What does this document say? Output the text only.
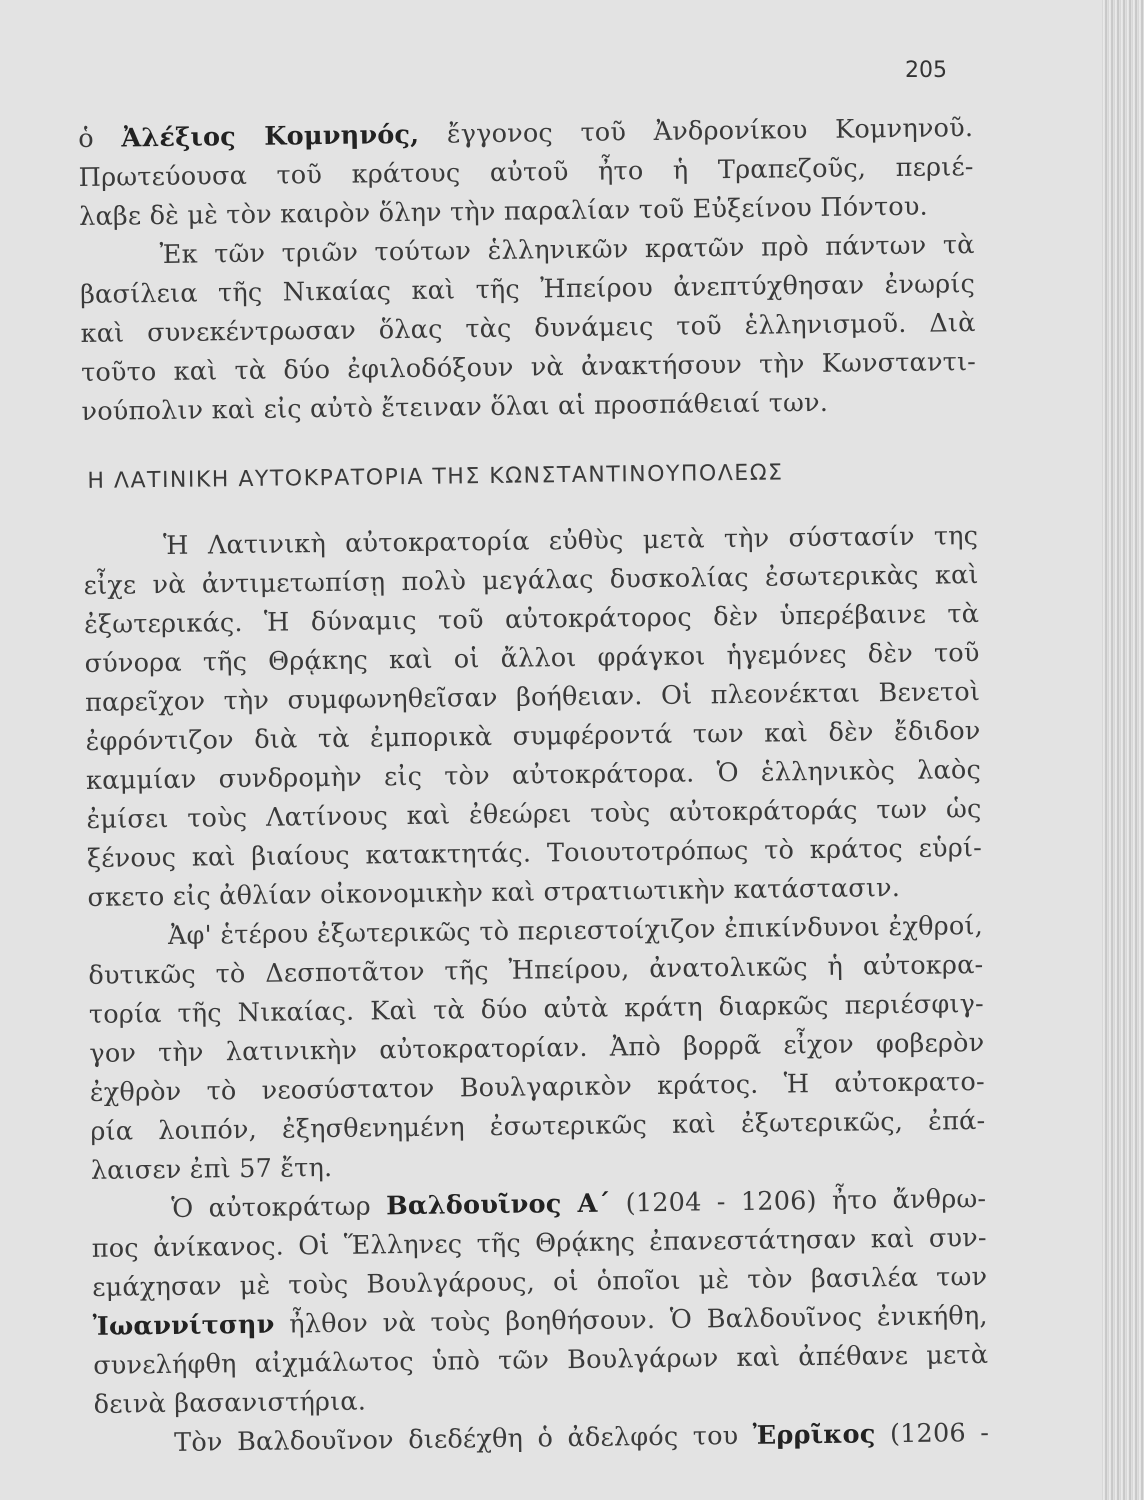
205
ὁ Ἀλέξιος Κομνηνός, ἔγγονος τοῦ Ἀνδρονίκου Κομνηνοῦ.
Πρωτεύουσα τοῦ κράτους αὐτοῦ ἦτο ἡ Τραπεζοῦς, περιέ-
λαβε δὲ μὲ τὸν καιρὸν ὅλην τὴν παραλίαν τοῦ Εὐξείνου Πόντου.
Ἐκ τῶν τριῶν τούτων ἑλληνικῶν κρατῶν πρὸ πάντων τὰ
βασίλεια τῆς Νικαίας καὶ τῆς Ἠπείρου ἀνεπτύχθησαν ἐνωρίς
καὶ συνεκέντρωσαν ὅλας τὰς δυνάμεις τοῦ ἑλληνισμοῦ. Διὰ
τοῦτο καὶ τὰ δύο ἐφιλοδόξουν νὰ ἀνακτήσουν τὴν Κωνσταντι-
νούπολιν καὶ εἰς αὐτὸ ἔτειναν ὅλαι αἱ προσπάθειαί των.
Η ΛΑΤΙΝΙΚΗ ΑΥΤΟΚΡΑΤΟΡΙΑ ΤΗΣ ΚΩΝΣΤΑΝΤΙΝΟΥΠΟΛΕΩΣ
Ἡ Λατινικὴ αὐτοκρατορία εὐθὺς μετὰ τὴν σύστασίν της
εἶχε νὰ ἀντιμετωπίσῃ πολὺ μεγάλας δυσκολίας ἐσωτερικὰς καὶ
ἐξωτερικάς. Ἡ δύναμις τοῦ αὐτοκράτορος δὲν ὑπερέβαινε τὰ
σύνορα τῆς Θρᾴκης καὶ οἱ ἄλλοι φράγκοι ἡγεμόνες δὲν τοῦ
παρεῖχον τὴν συμφωνηθεῖσαν βοήθειαν. Οἱ πλεονέκται Βενετοὶ
ἐφρόντιζον διὰ τὰ ἐμπορικὰ συμφέροντά των καὶ δὲν ἔδιδον
καμμίαν συνδρομὴν εἰς τὸν αὐτοκράτορα. Ὁ ἑλληνικὸς λαὸς
ἐμίσει τοὺς Λατίνους καὶ ἐθεώρει τοὺς αὐτοκράτοράς των ὡς
ξένους καὶ βιαίους κατακτητάς. Τοιουτοτρόπως τὸ κράτος εὑρί-
σκετο εἰς ἀθλίαν οἰκονομικὴν καὶ στρατιωτικὴν κατάστασιν.
Ἀφ' ἑτέρου ἐξωτερικῶς τὸ περιεστοίχιζον ἐπικίνδυνοι ἐχθροί,
δυτικῶς τὸ Δεσποτᾶτον τῆς Ἠπείρου, ἀνατολικῶς ἡ αὐτοκρα-
τορία τῆς Νικαίας. Καὶ τὰ δύο αὐτὰ κράτη διαρκῶς περιέσφιγ-
γον τὴν λατινικὴν αὐτοκρατορίαν. Ἀπὸ βορρᾶ εἶχον φοβερὸν
ἐχθρὸν τὸ νεοσύστατον Βουλγαρικὸν κράτος. Ἡ αὐτοκρατο-
ρία λοιπόν, ἐξησθενημένη ἐσωτερικῶς καὶ ἐξωτερικῶς, ἐπά-
λαισεν ἐπὶ 57 ἔτη.
Ὁ αὐτοκράτωρ Βαλδουῖνος Α΄ (1204 - 1206) ἦτο ἄνθρω-
πος ἀνίκανος. Οἱ Ἕλληνες τῆς Θρᾴκης ἐπανεστάτησαν καὶ συν-
εμάχησαν μὲ τοὺς Βουλγάρους, οἱ ὁποῖοι μὲ τὸν βασιλέα των
Ἰωαννίτσην ἦλθον νὰ τοὺς βοηθήσουν. Ὁ Βαλδουῖνος ἐνικήθη,
συνελήφθη αἰχμάλωτος ὑπὸ τῶν Βουλγάρων καὶ ἀπέθανε μετὰ
δεινὰ βασανιστήρια.
Τὸν Βαλδουῖνον διεδέχθη ὁ ἀδελφός του Ἐρρῖκος (1206 -
